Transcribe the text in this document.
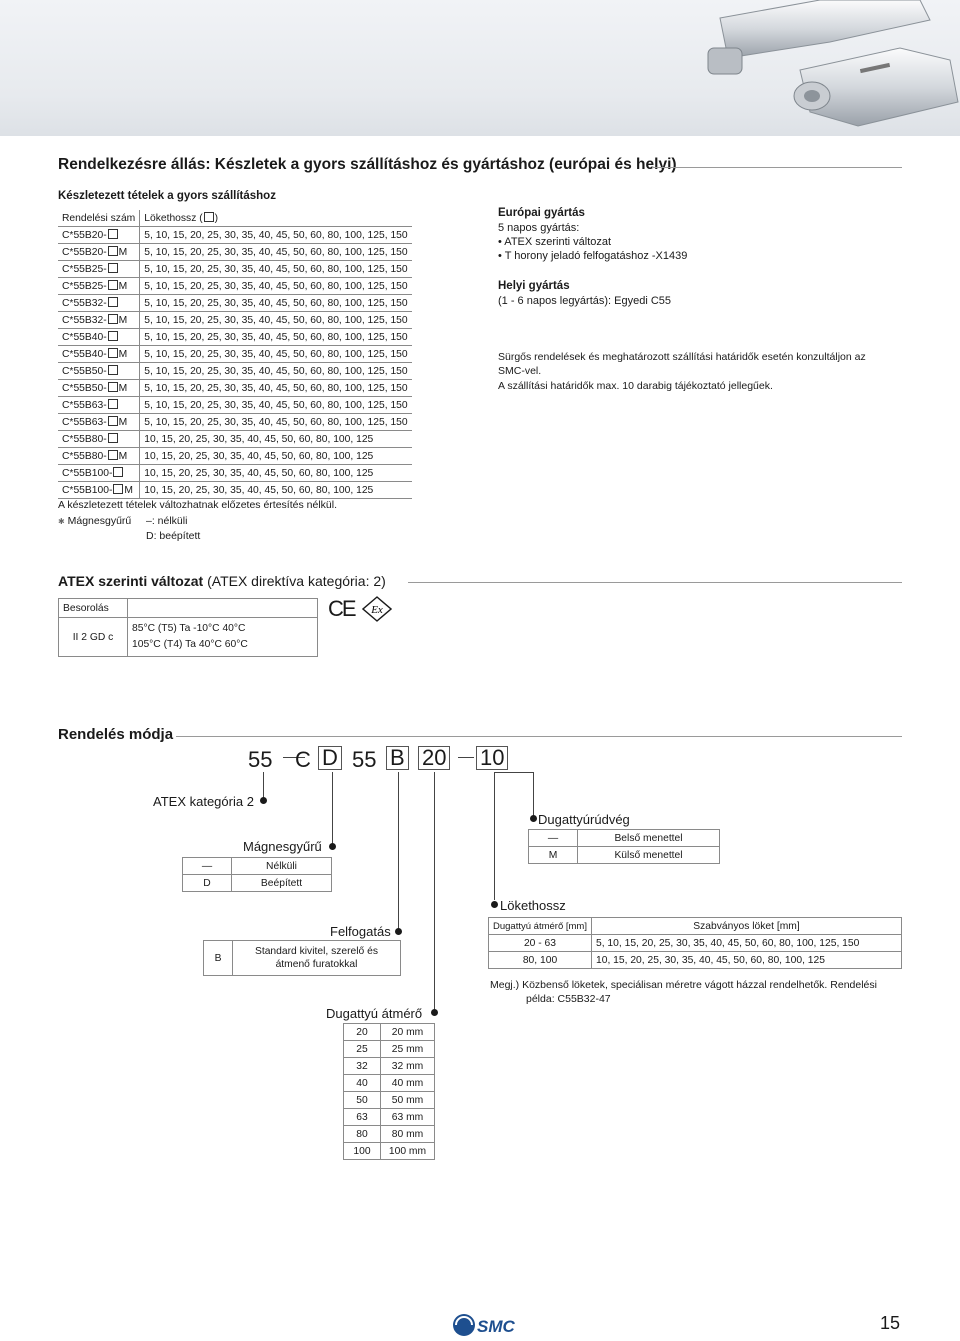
Rendelkezésre állás: Készletek a gyors szállításhoz és gyártáshoz (európai és helyi)
Készletezett tételek a gyors szállításhoz
Rendelési szám	Lökethossz ( )
C*55B20-	5, 10, 15, 20, 25, 30, 35, 40, 45, 50, 60, 80, 100, 125, 150
C*55B20- M	5, 10, 15, 20, 25, 30, 35, 40, 45, 50, 60, 80, 100, 125, 150
C*55B25-	5, 10, 15, 20, 25, 30, 35, 40, 45, 50, 60, 80, 100, 125, 150
C*55B25- M	5, 10, 15, 20, 25, 30, 35, 40, 45, 50, 60, 80, 100, 125, 150
C*55B32-	5, 10, 15, 20, 25, 30, 35, 40, 45, 50, 60, 80, 100, 125, 150
C*55B32- M	5, 10, 15, 20, 25, 30, 35, 40, 45, 50, 60, 80, 100, 125, 150
C*55B40-	5, 10, 15, 20, 25, 30, 35, 40, 45, 50, 60, 80, 100, 125, 150
C*55B40- M	5, 10, 15, 20, 25, 30, 35, 40, 45, 50, 60, 80, 100, 125, 150
C*55B50-	5, 10, 15, 20, 25, 30, 35, 40, 45, 50, 60, 80, 100, 125, 150
C*55B50- M	5, 10, 15, 20, 25, 30, 35, 40, 45, 50, 60, 80, 100, 125, 150
C*55B63-	5, 10, 15, 20, 25, 30, 35, 40, 45, 50, 60, 80, 100, 125, 150
C*55B63- M	5, 10, 15, 20, 25, 30, 35, 40, 45, 50, 60, 80, 100, 125, 150
C*55B80-	10, 15, 20, 25, 30, 35, 40, 45, 50, 60, 80, 100, 125
C*55B80- M	10, 15, 20, 25, 30, 35, 40, 45, 50, 60, 80, 100, 125
C*55B100-	10, 15, 20, 25, 30, 35, 40, 45, 50, 60, 80, 100, 125
C*55B100- M	10, 15, 20, 25, 30, 35, 40, 45, 50, 60, 80, 100, 125
A készletezett tételek változhatnak előzetes értesítés nélkül.
✱ Mágnesgyűrű –: nélküli
D: beépített
Európai gyártás
5 napos gyártás:
• ATEX szerinti változat
• T horony jeladó felfogatáshoz -X1439
Helyi gyártás
(1 - 6 napos legyártás): Egyedi C55
Sürgős rendelések és meghatározott szállítási határidők esetén konzultáljon az SMC-vel.
A szállítási határidők max. 10 darabig tájékoztató jellegűek.
ATEX szerinti változat (ATEX direktíva kategória: 2)
Besorolás	
II 2 GD c	85°C (T5) Ta -10°C 40°C
105°C (T4) Ta 40°C 60°C
CE Ex
Rendelés módja
55 C D 55 B 20 10
ATEX kategória 2
Mágnesgyűrű
—	Nélküli
D	Beépített
Felfogatás
B	Standard kivitel, szerelő és átmenő furatokkal
Dugattyú átmérő
20	20 mm
25	25 mm
32	32 mm
40	40 mm
50	50 mm
63	63 mm
80	80 mm
100	100 mm
Dugattyúrúdvég
—	Belső menettel
M	Külső menettel
Lökethossz
Dugattyú átmérő [mm]	Szabványos löket [mm]
20 - 63	5, 10, 15, 20, 25, 30, 35, 40, 45, 50, 60, 80, 100, 125, 150
80, 100	10, 15, 20, 25, 30, 35, 40, 45, 50, 60, 80, 100, 125
Megj.) Közbenső löketek, speciálisan méretre vágott házzal rendelhetők. Rendelési
példa: C55B32-47
SMC	15
